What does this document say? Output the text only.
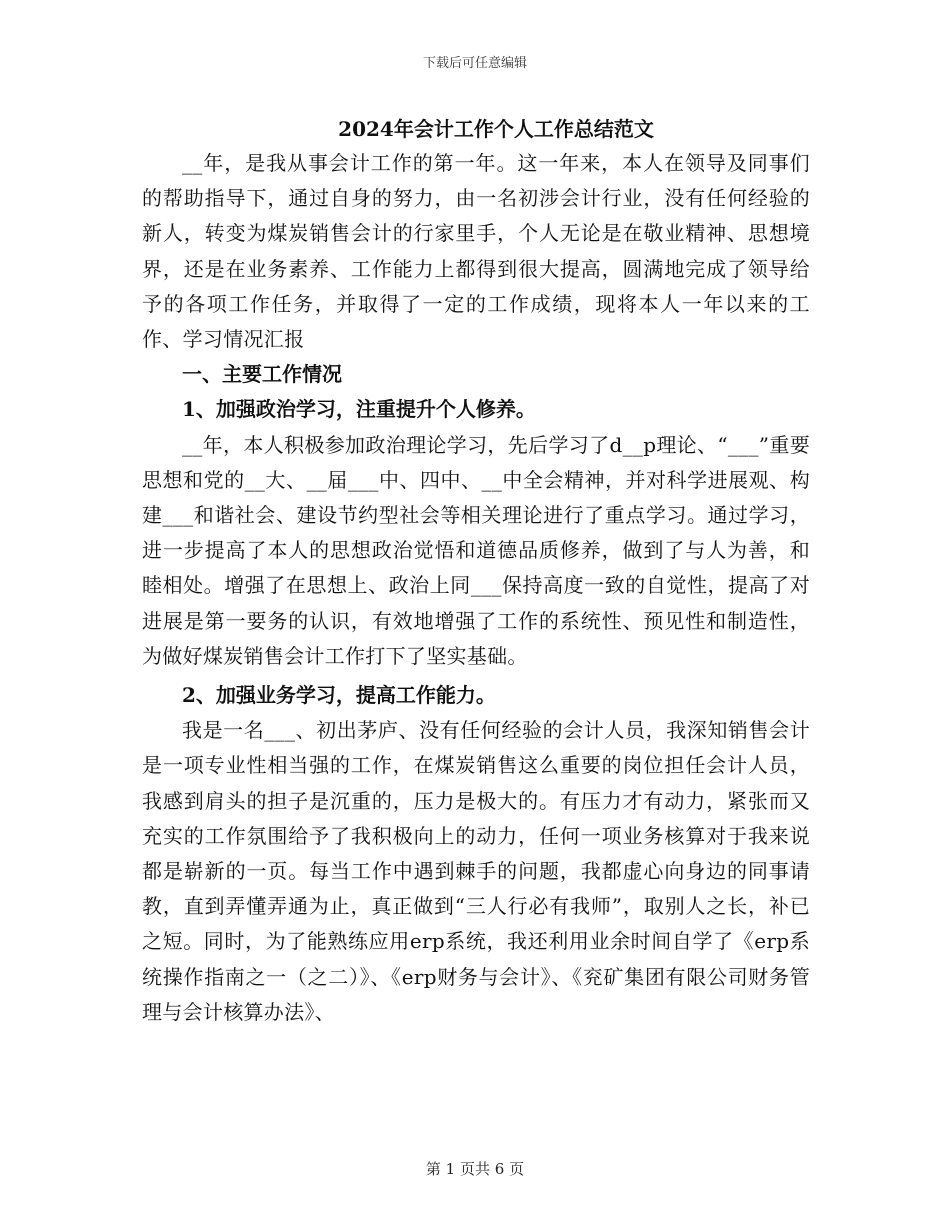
下载后可任意编辑
2024年会计工作个人工作总结范文

__年，是我从事会计工作的第一年。这一年来，本人在领导及同事们的帮助指导下，通过自身的努力，由一名初涉会计行业，没有任何经验的新人，转变为煤炭销售会计的行家里手，个人无论是在敬业精神、思想境界，还是在业务素养、工作能力上都得到很大提高，圆满地完成了领导给予的各项工作任务，并取得了一定的工作成绩，现将本人一年以来的工作、学习情况汇报

一、主要工作情况

1、加强政治学习，注重提升个人修养。

__年，本人积极参加政治理论学习，先后学习了d__p理论、“___”重要思想和党的__大、__届___中、四中、__中全会精神，并对科学进展观、构建___和谐社会、建设节约型社会等相关理论进行了重点学习。通过学习，进一步提高了本人的思想政治觉悟和道德品质修养，做到了与人为善，和睦相处。增强了在思想上、政治上同___保持高度一致的自觉性，提高了对进展是第一要务的认识，有效地增强了工作的系统性、预见性和制造性，为做好煤炭销售会计工作打下了坚实基础。

2、加强业务学习，提高工作能力。

我是一名___、初出茅庐、没有任何经验的会计人员，我深知销售会计是一项专业性相当强的工作，在煤炭销售这么重要的岗位担任会计人员，我感到肩头的担子是沉重的，压力是极大的。有压力才有动力，紧张而又充实的工作氛围给予了我积极向上的动力，任何一项业务核算对于我来说都是崭新的一页。每当工作中遇到棘手的问题，我都虚心向身边的同事请教，直到弄懂弄通为止，真正做到“三人行必有我师”，取别人之长，补已之短。同时，为了能熟练应用erp系统，我还利用业余时间自学了《erp系统操作指南之一（之二）》、《erp财务与会计》、《兖矿集团有限公司财务管理与会计核算办法》、

第 1 页共 6 页
